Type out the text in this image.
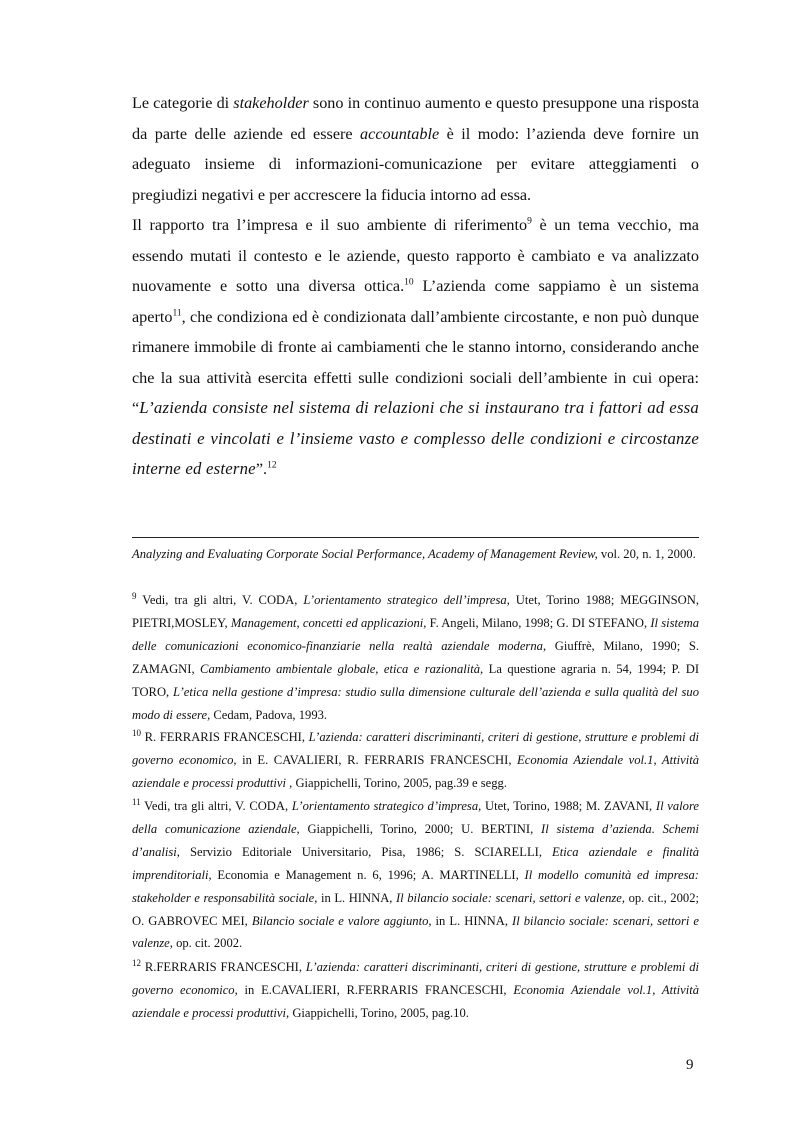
Le categorie di stakeholder sono in continuo aumento e questo presuppone una risposta da parte delle aziende ed essere accountable è il modo: l’azienda deve fornire un adeguato insieme di informazioni-comunicazione per evitare atteggiamenti o pregiudizi negativi e per accrescere la fiducia intorno ad essa.

Il rapporto tra l’impresa e il suo ambiente di riferimento$^9$ è un tema vecchio, ma essendo mutati il contesto e le aziende, questo rapporto è cambiato e va analizzato nuovamente e sotto una diversa ottica.$^{10}$ L’azienda come sappiamo è un sistema aperto$^{11}$, che condiziona ed è condizionata dall’ambiente circostante, e non può dunque rimanere immobile di fronte ai cambiamenti che le stanno intorno, considerando anche che la sua attività esercita effetti sulle condizioni sociali dell’ambiente in cui opera: “L’azienda consiste nel sistema di relazioni che si instaurano tra i fattori ad essa destinati e vincolati e l’insieme vasto e complesso delle condizioni e circostanze interne ed esterne”.$^{12}$

Analyzing and Evaluating Corporate Social Performance, Academy of Management Review, vol. 20, n. 1, 2000.

$^9$ Vedi, tra gli altri, V. CODA, L’orientamento strategico dell’impresa, Utet, Torino 1988; MEGGINSON, PIETRI,MOSLEY, Management, concetti ed applicazioni, F. Angeli, Milano, 1998; G. DI STEFANO, Il sistema delle comunicazioni economico-finanziarie nella realtà aziendale moderna, Giuffrè, Milano, 1990; S. ZAMAGNI, Cambiamento ambientale globale, etica e razionalità, La questione agraria n. 54, 1994; P. DI TORO, L’etica nella gestione d’impresa: studio sulla dimensione culturale dell’azienda e sulla qualità del suo modo di essere, Cedam, Padova, 1993.

$^{10}$ R. FERRARIS FRANCESCHI, L’azienda: caratteri discriminanti, criteri di gestione, strutture e problemi di governo economico, in E. CAVALIERI, R. FERRARIS FRANCESCHI, Economia Aziendale vol.1, Attività aziendale e processi produttivi , Giappichelli, Torino, 2005, pag.39 e segg.

$^{11}$ Vedi, tra gli altri, V. CODA, L’orientamento strategico d’impresa, Utet, Torino, 1988; M. ZAVANI, Il valore della comunicazione aziendale, Giappichelli, Torino, 2000; U. BERTINI, Il sistema d’azienda. Schemi d’analisi, Servizio Editoriale Universitario, Pisa, 1986; S. SCIARELLI, Etica aziendale e finalità imprenditoriali, Economia e Management n. 6, 1996; A. MARTINELLI, Il modello comunità ed impresa: stakeholder e responsabilità sociale, in L. HINNA, Il bilancio sociale: scenari, settori e valenze, op. cit., 2002; O. GABROVEC MEI, Bilancio sociale e valore aggiunto, in L. HINNA, Il bilancio sociale: scenari, settori e valenze, op. cit. 2002.

$^{12}$ R.FERRARIS FRANCESCHI, L’azienda: caratteri discriminanti, criteri di gestione, strutture e problemi di governo economico, in E.CAVALIERI, R.FERRARIS FRANCESCHI, Economia Aziendale vol.1, Attività aziendale e processi produttivi, Giappichelli, Torino, 2005, pag.10.

9
